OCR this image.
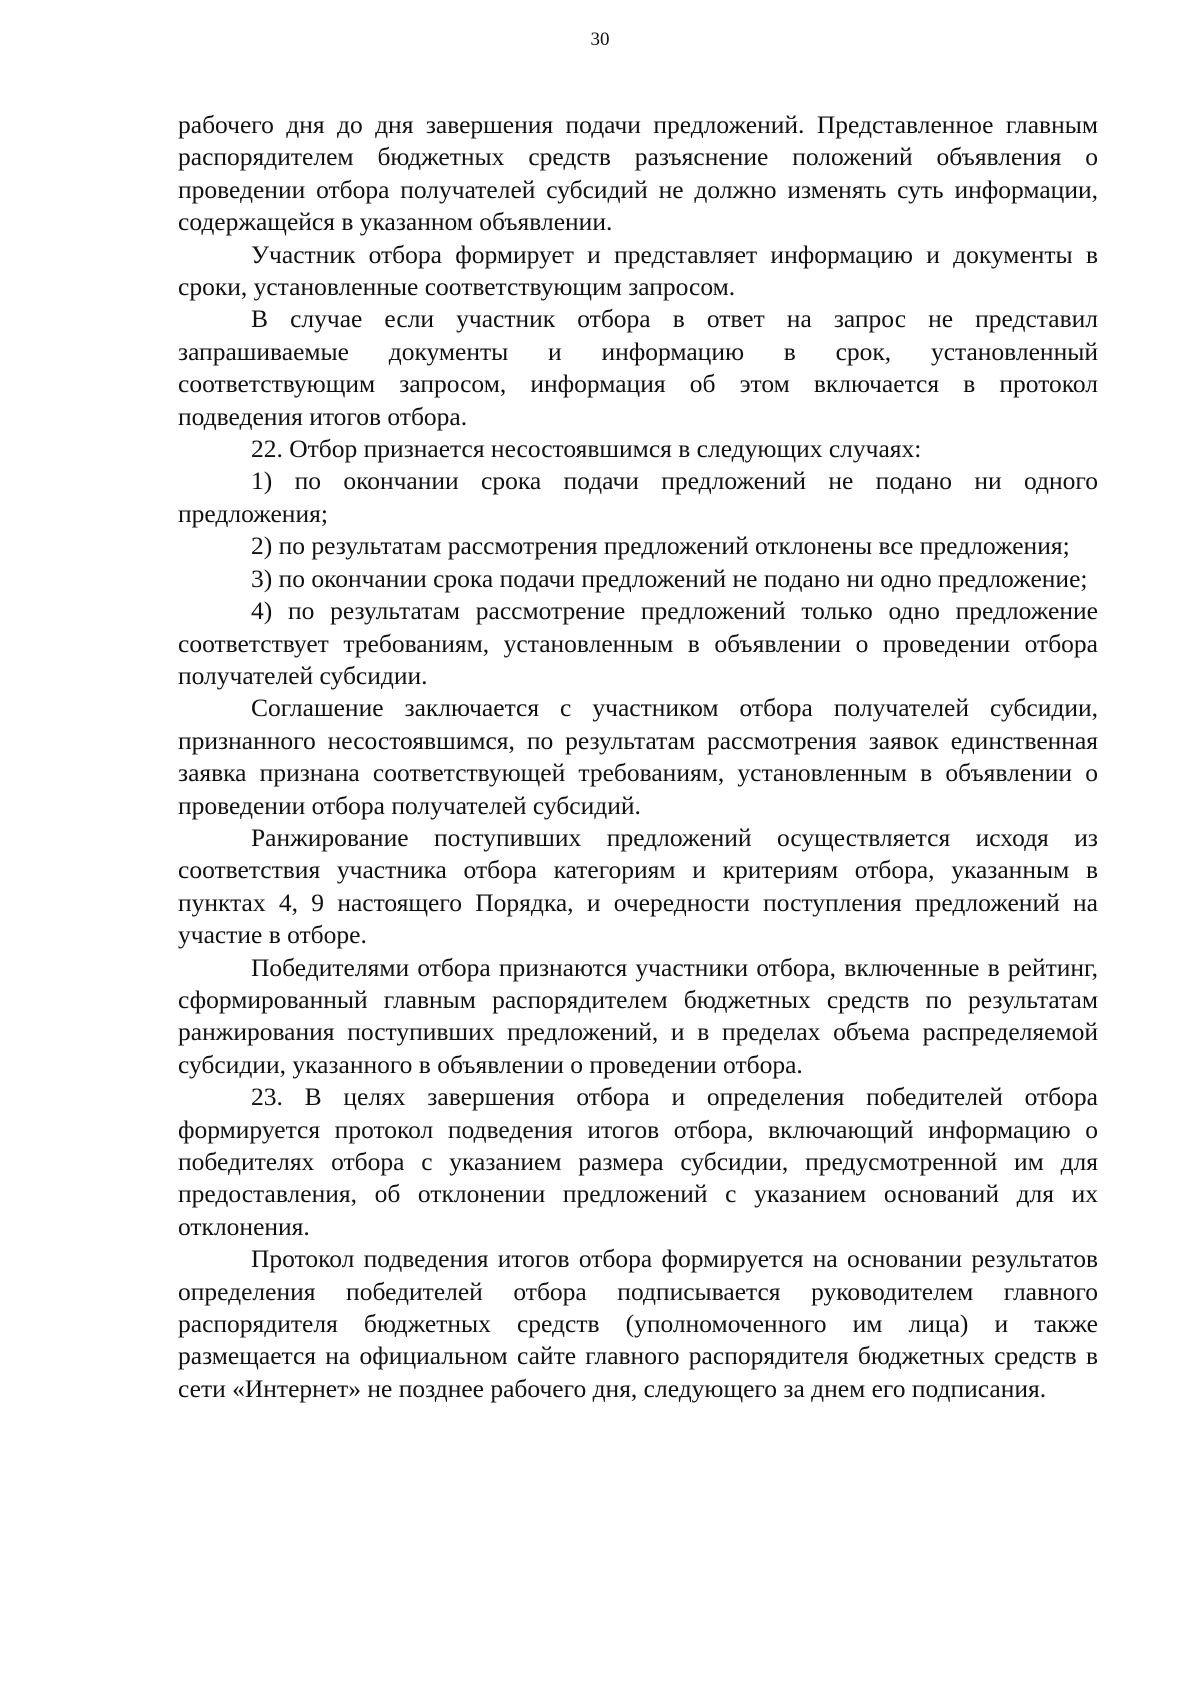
30

рабочего дня до дня завершения подачи предложений. Представленное главным распорядителем бюджетных средств разъяснение положений объявления о проведении отбора получателей субсидий не должно изменять суть информации, содержащейся в указанном объявлении.

Участник отбора формирует и представляет информацию и документы в сроки, установленные соответствующим запросом.

В случае если участник отбора в ответ на запрос не представил запрашиваемые документы и информацию в срок, установленный соответствующим запросом, информация об этом включается в протокол подведения итогов отбора.

22. Отбор признается несостоявшимся в следующих случаях:

1) по окончании срока подачи предложений не подано ни одного предложения;

2) по результатам рассмотрения предложений отклонены все предложения;

3) по окончании срока подачи предложений не подано ни одно предложение;

4) по результатам рассмотрение предложений только одно предложение соответствует требованиям, установленным в объявлении о проведении отбора получателей субсидии.

Соглашение заключается с участником отбора получателей субсидии, признанного несостоявшимся, по результатам рассмотрения заявок единственная заявка признана соответствующей требованиям, установленным в объявлении о проведении отбора получателей субсидий.

Ранжирование поступивших предложений осуществляется исходя из соответствия участника отбора категориям и критериям отбора, указанным в пунктах 4, 9 настоящего Порядка, и очередности поступления предложений на участие в отборе.

Победителями отбора признаются участники отбора, включенные в рейтинг, сформированный главным распорядителем бюджетных средств по результатам ранжирования поступивших предложений, и в пределах объема распределяемой субсидии, указанного в объявлении о проведении отбора.

23. В целях завершения отбора и определения победителей отбора формируется протокол подведения итогов отбора, включающий информацию о победителях отбора с указанием размера субсидии, предусмотренной им для предоставления, об отклонении предложений с указанием оснований для их отклонения.

Протокол подведения итогов отбора формируется на основании результатов определения победителей отбора подписывается руководителем главного распорядителя бюджетных средств (уполномоченного им лица) и также размещается на официальном сайте главного распорядителя бюджетных средств в сети «Интернет» не позднее рабочего дня, следующего за днем его подписания.
